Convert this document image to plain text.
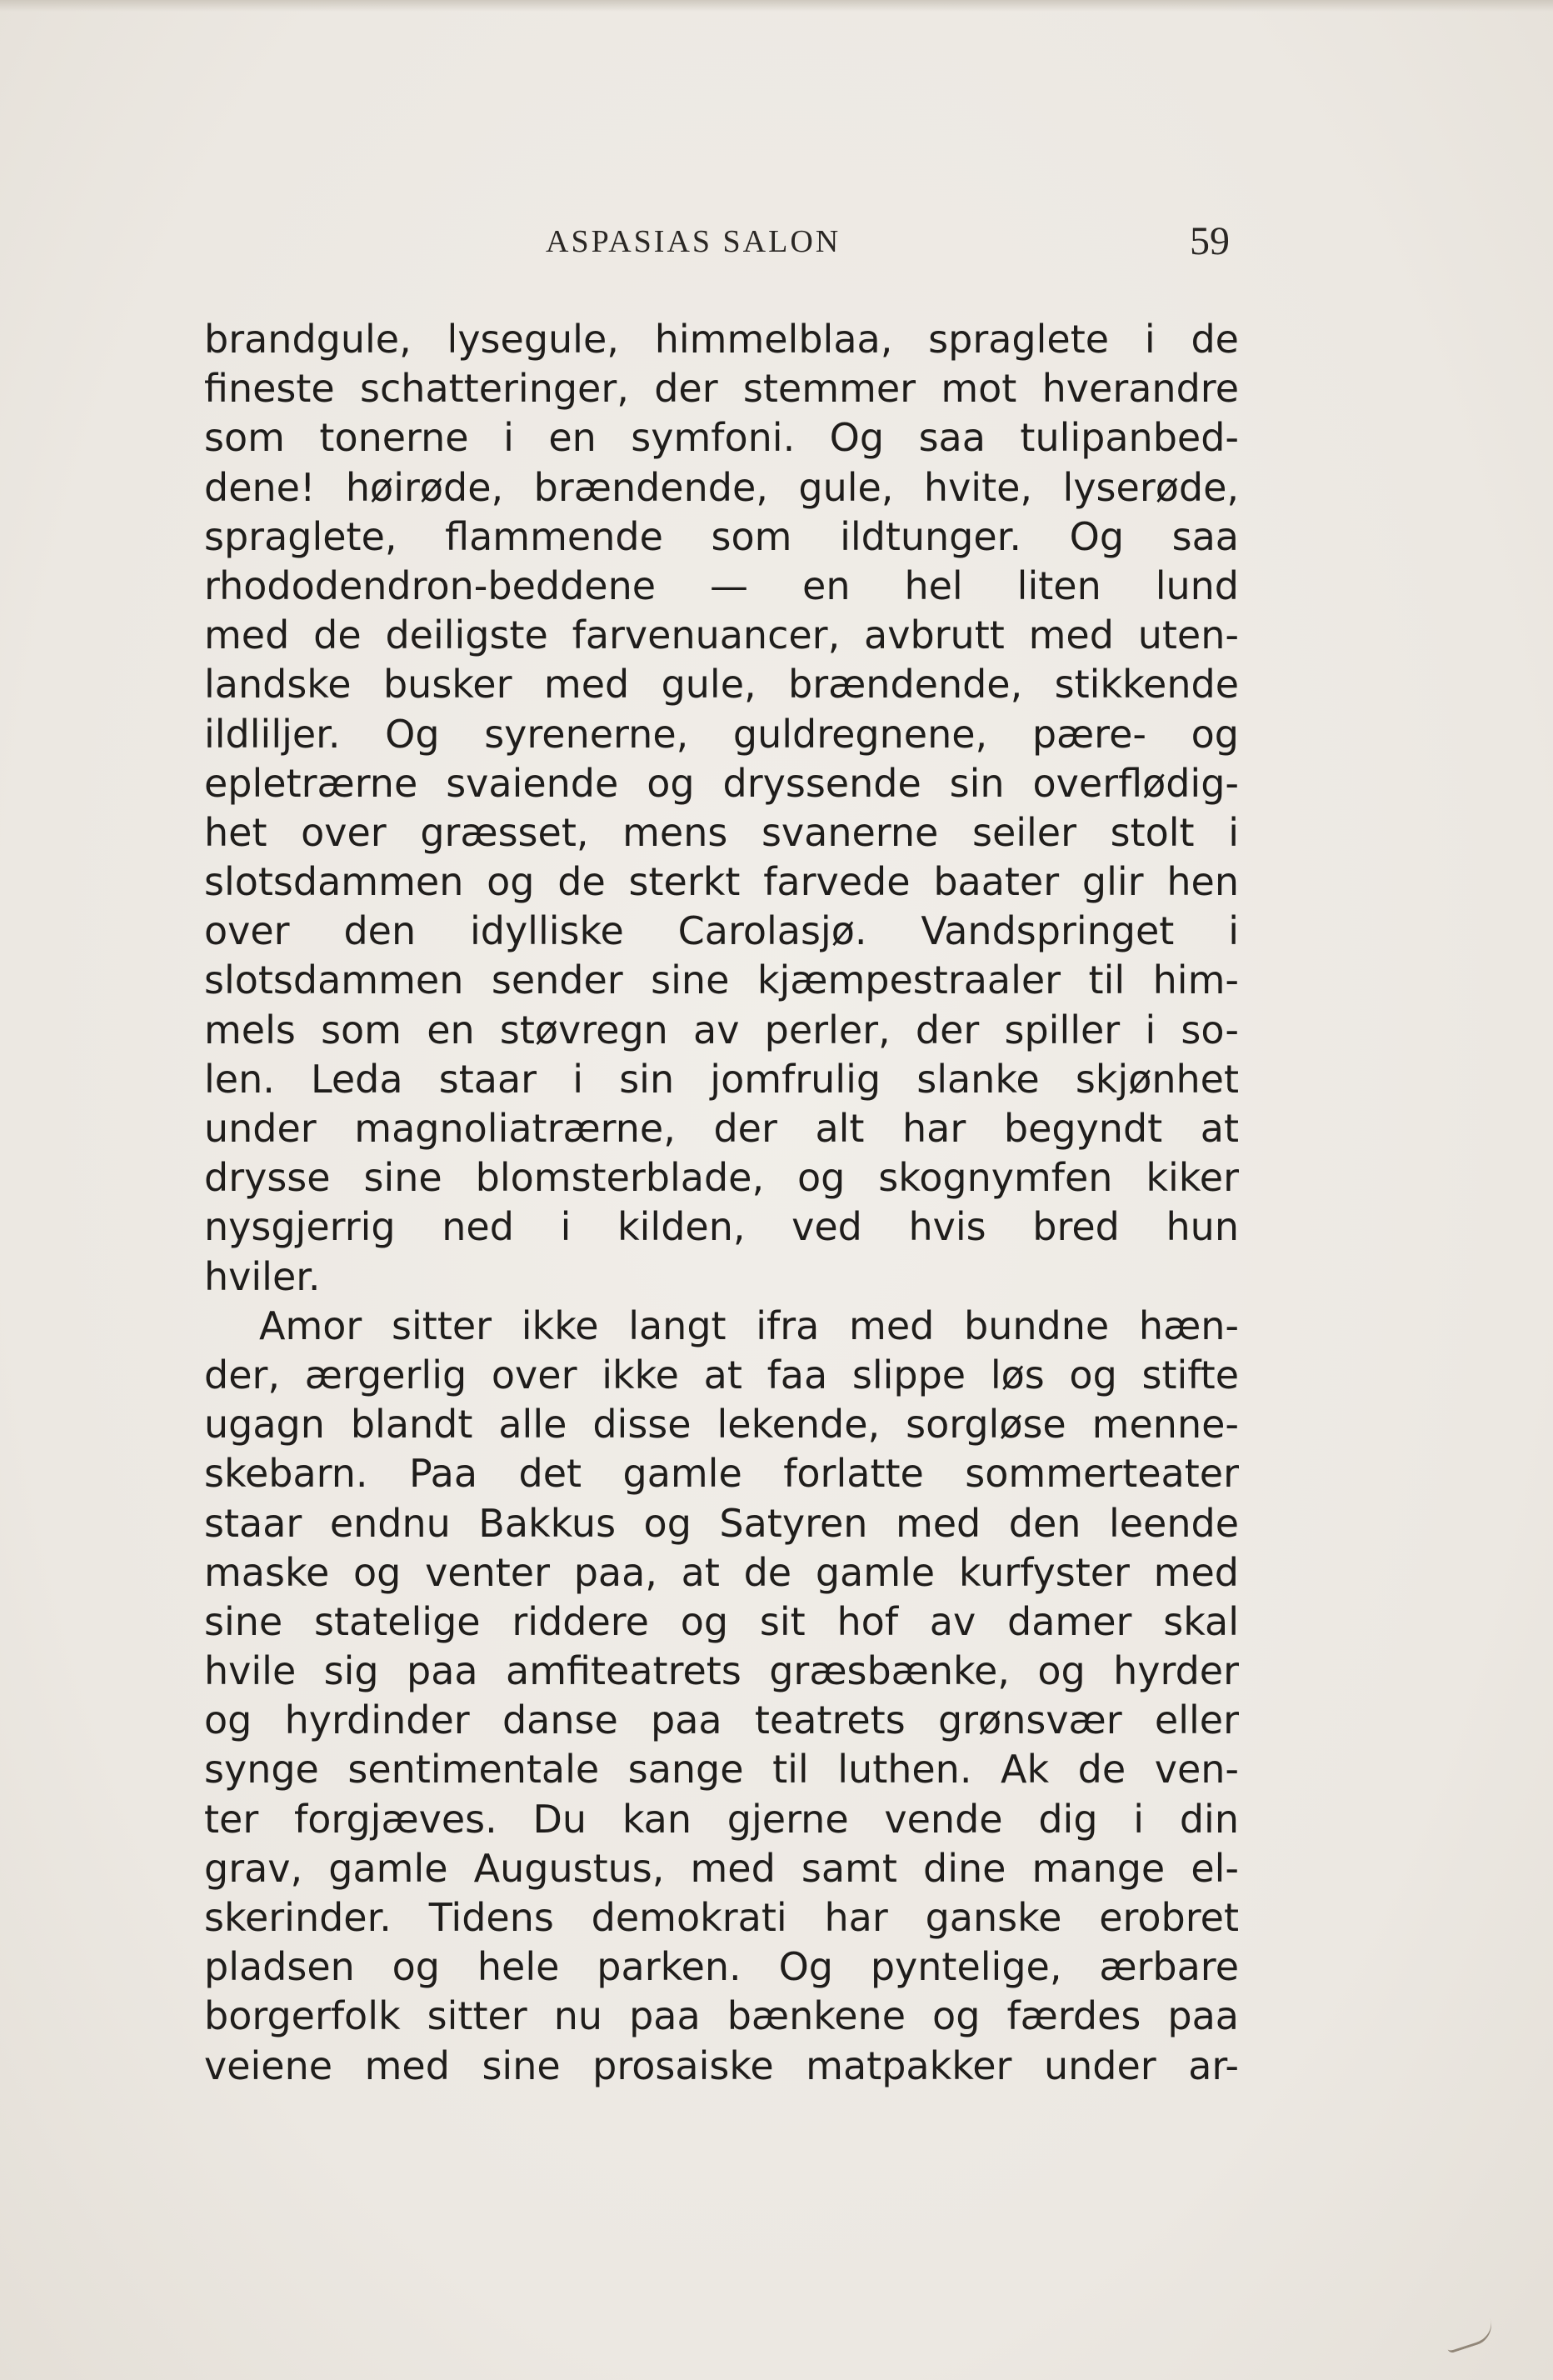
ASPASIAS SALON	59
brandgule, lysegule, himmelblaa, spraglete i de
fineste schatteringer, der stemmer mot hverandre
som tonerne i en symfoni. Og saa tulipanbed-
dene! høirøde, brændende, gule, hvite, lyserøde,
spraglete, flammende som ildtunger. Og saa
rhododendron-beddene — en hel liten lund
med de deiligste farvenuancer, avbrutt med uten-
landske busker med gule, brændende, stikkende
ildliljer. Og syrenerne, guldregnene, pære- og
epletrærne svaiende og dryssende sin overflødig-
het over græsset, mens svanerne seiler stolt i
slotsdammen og de sterkt farvede baater glir hen
over den idylliske Carolasjø. Vandspringet i
slotsdammen sender sine kjæmpestraaler til him-
mels som en støvregn av perler, der spiller i so-
len. Leda staar i sin jomfrulig slanke skjønhet
under magnoliatrærne, der alt har begyndt at
drysse sine blomsterblade, og skognymfen kiker
nysgjerrig ned i kilden, ved hvis bred hun
hviler.
Amor sitter ikke langt ifra med bundne hæn-
der, ærgerlig over ikke at faa slippe løs og stifte
ugagn blandt alle disse lekende, sorgløse menne-
skebarn. Paa det gamle forlatte sommerteater
staar endnu Bakkus og Satyren med den leende
maske og venter paa, at de gamle kurfyster med
sine statelige riddere og sit hof av damer skal
hvile sig paa amfiteatrets græsbænke, og hyrder
og hyrdinder danse paa teatrets grønsvær eller
synge sentimentale sange til luthen. Ak de ven-
ter forgjæves. Du kan gjerne vende dig i din
grav, gamle Augustus, med samt dine mange el-
skerinder. Tidens demokrati har ganske erobret
pladsen og hele parken. Og pyntelige, ærbare
borgerfolk sitter nu paa bænkene og færdes paa
veiene med sine prosaiske matpakker under ar-
